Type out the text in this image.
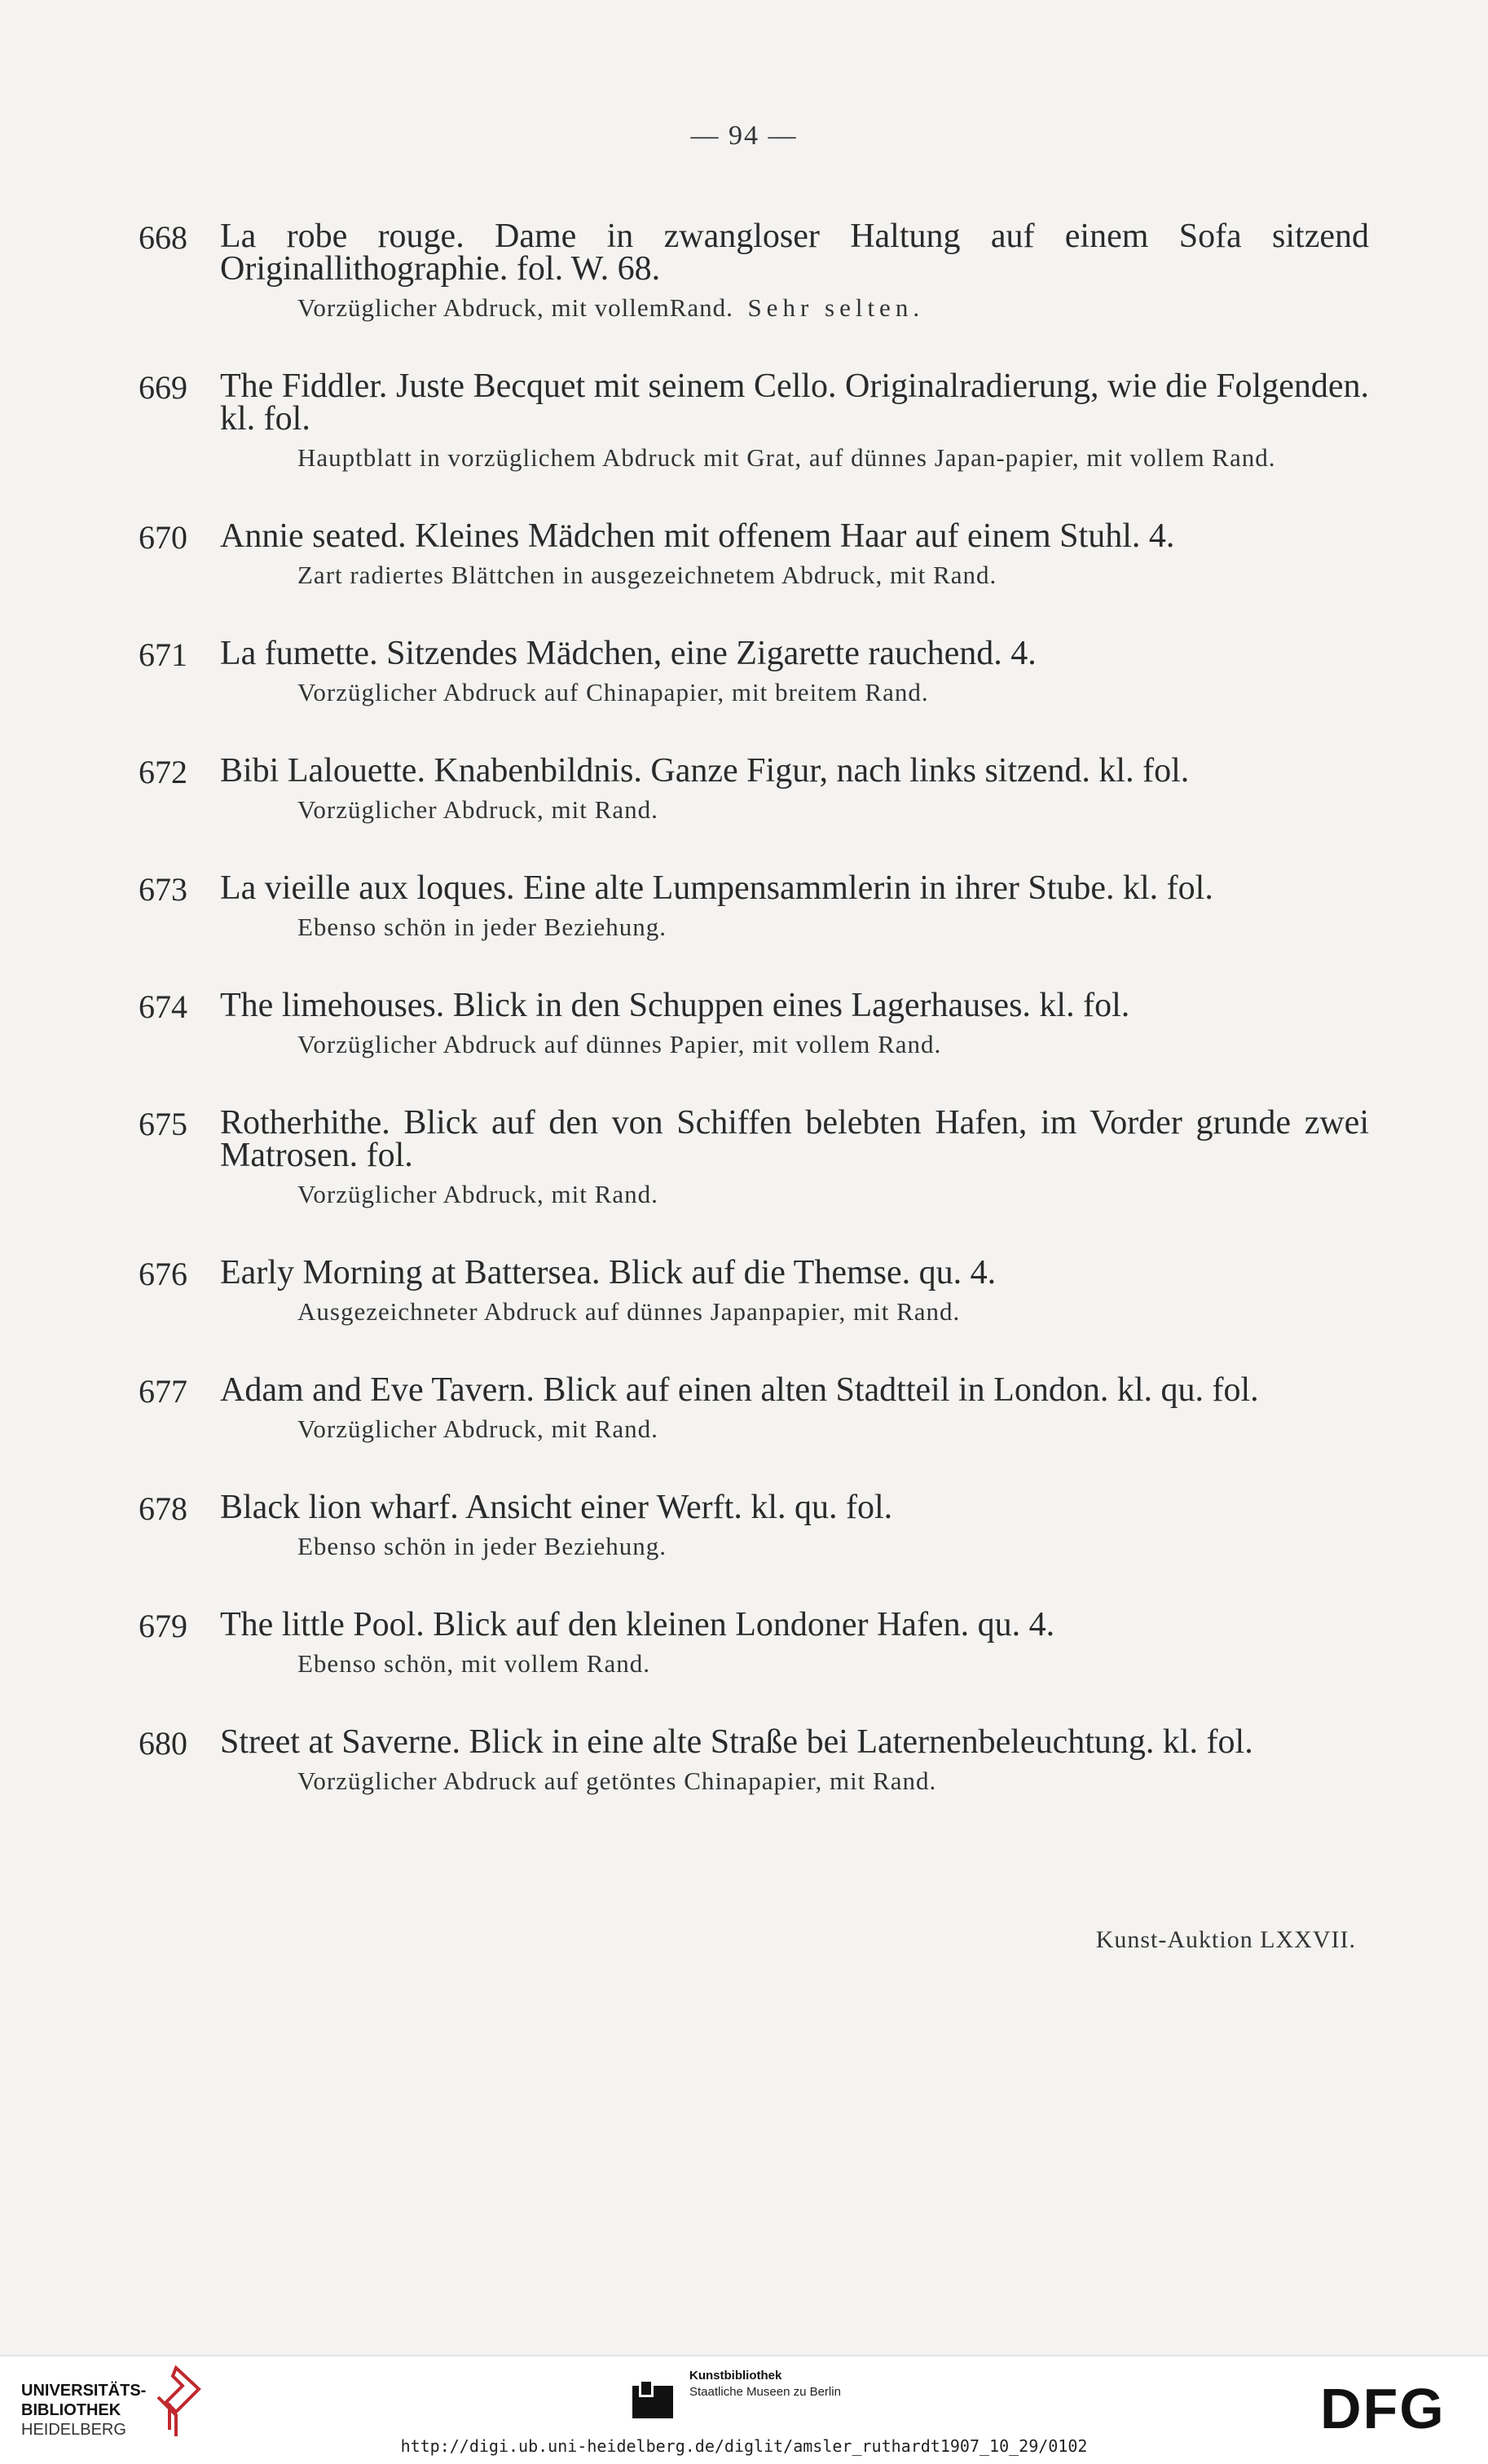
— 94 —
668 La robe rouge. Dame in zwangloser Haltung auf einem Sofa sitzend Originallithographie. fol. W. 68.
Vorzüglicher Abdruck, mit vollemRand. Sehr selten.
669 The Fiddler. Juste Becquet mit seinem Cello. Originalradierung, wie die Folgenden. kl. fol.
Hauptblatt in vorzüglichem Abdruck mit Grat, auf dünnes Japan-papier, mit vollem Rand.
670 Annie seated. Kleines Mädchen mit offenem Haar auf einem Stuhl. 4.
Zart radiertes Blättchen in ausgezeichnetem Abdruck, mit Rand.
671 La fumette. Sitzendes Mädchen, eine Zigarette rauchend. 4.
Vorzüglicher Abdruck auf Chinapapier, mit breitem Rand.
672 Bibi Lalouette. Knabenbildnis. Ganze Figur, nach links sitzend. kl. fol.
Vorzüglicher Abdruck, mit Rand.
673 La vieille aux loques. Eine alte Lumpensammlerin in ihrer Stube. kl. fol.
Ebenso schön in jeder Beziehung.
674 The limehouses. Blick in den Schuppen eines Lagerhauses. kl. fol.
Vorzüglicher Abdruck auf dünnes Papier, mit vollem Rand.
675 Rotherhithe. Blick auf den von Schiffen belebten Hafen, im Vorder grunde zwei Matrosen. fol.
Vorzüglicher Abdruck, mit Rand.
676 Early Morning at Battersea. Blick auf die Themse. qu. 4.
Ausgezeichneter Abdruck auf dünnes Japanpapier, mit Rand.
677 Adam and Eve Tavern. Blick auf einen alten Stadtteil in London. kl. qu. fol.
Vorzüglicher Abdruck, mit Rand.
678 Black lion wharf. Ansicht einer Werft. kl. qu. fol.
Ebenso schön in jeder Beziehung.
679 The little Pool. Blick auf den kleinen Londoner Hafen. qu. 4.
Ebenso schön, mit vollem Rand.
680 Street at Saverne. Blick in eine alte Straße bei Laternenbeleuchtung. kl. fol.
Vorzüglicher Abdruck auf getöntes Chinapapier, mit Rand.
Kunst-Auktion LXXVII.
UNIVERSITÄTS-
BIBLIOTHEK
HEIDELBERG
Kunstbibliothek
Staatliche Museen zu Berlin	DFG
http://digi.ub.uni-heidelberg.de/diglit/amsler_ruthardt1907_10_29/0102
